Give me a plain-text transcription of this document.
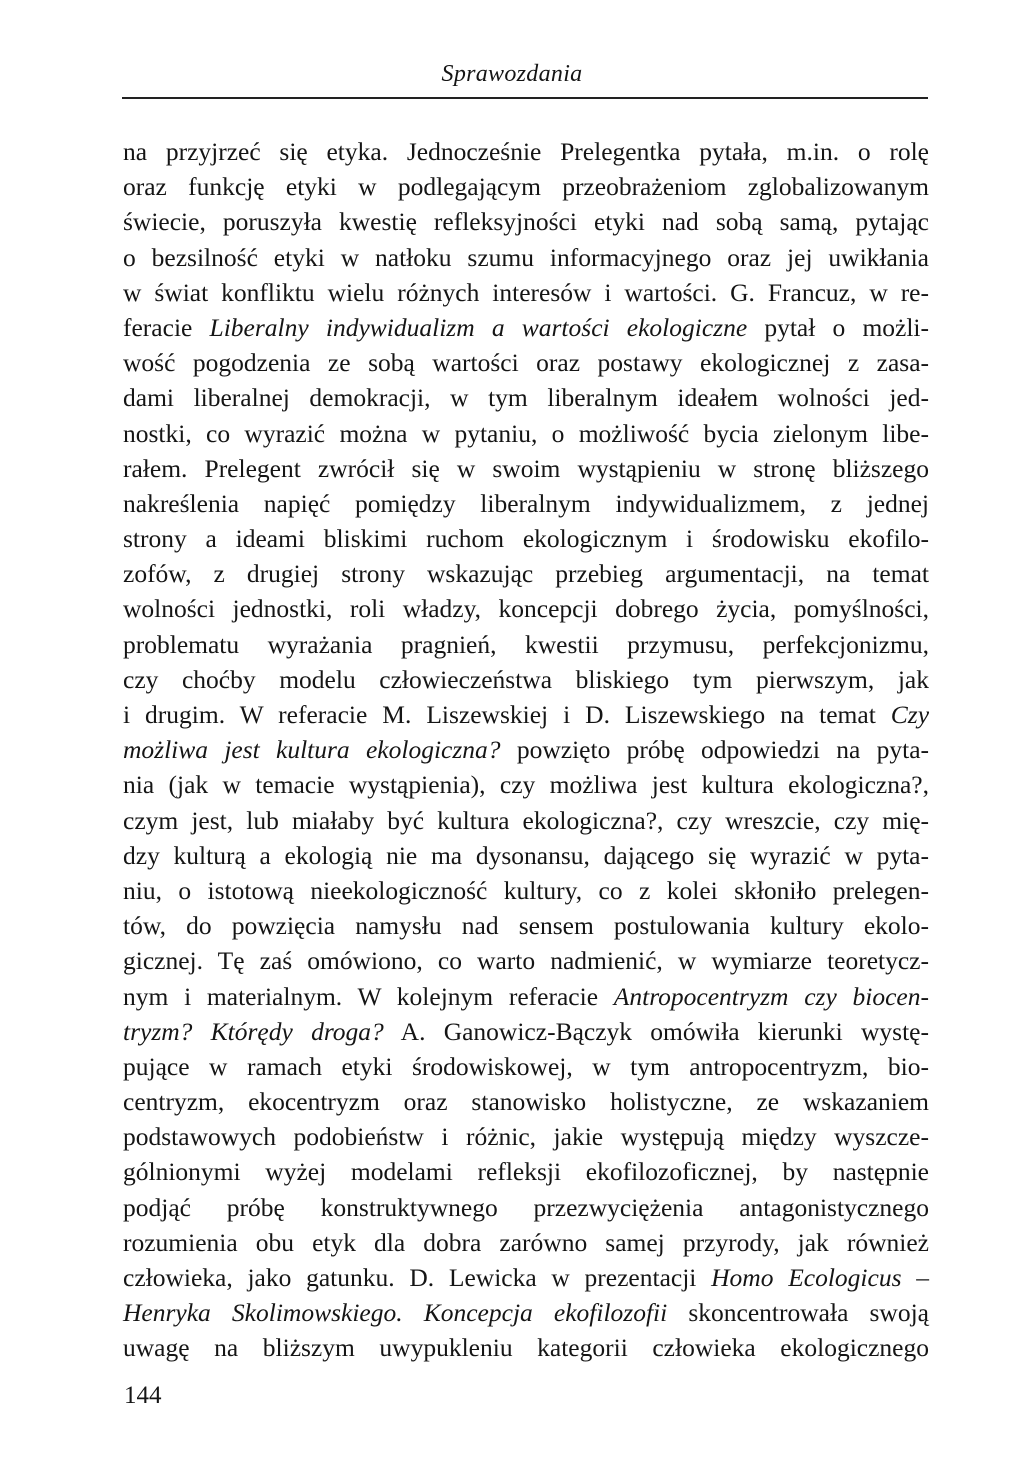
Sprawozdania
na przyjrzeć się etyka. Jednocześnie Prelegentka pytała, m.in. o rolę
oraz funkcję etyki w podlegającym przeobrażeniom zglobalizowanym
świecie, poruszyła kwestię refleksyjności etyki nad sobą samą, pytając
o bezsilność etyki w natłoku szumu informacyjnego oraz jej uwikłania
w świat konfliktu wielu różnych interesów i wartości. G. Francuz, w re-
feracie Liberalny indywidualizm a wartości ekologiczne pytał o możli-
wość pogodzenia ze sobą wartości oraz postawy ekologicznej z zasa-
dami liberalnej demokracji, w tym liberalnym ideałem wolności jed-
nostki, co wyrazić można w pytaniu, o możliwość bycia zielonym libe-
rałem. Prelegent zwrócił się w swoim wystąpieniu w stronę bliższego
nakreślenia napięć pomiędzy liberalnym indywidualizmem, z jednej
strony a ideami bliskimi ruchom ekologicznym i środowisku ekofilo-
zofów, z drugiej strony wskazując przebieg argumentacji, na temat
wolności jednostki, roli władzy, koncepcji dobrego życia, pomyślności,
problematu wyrażania pragnień, kwestii przymusu, perfekcjonizmu,
czy choćby modelu człowieczeństwa bliskiego tym pierwszym, jak
i drugim. W referacie M. Liszewskiej i D. Liszewskiego na temat Czy
możliwa jest kultura ekologiczna? powzięto próbę odpowiedzi na pyta-
nia (jak w temacie wystąpienia), czy możliwa jest kultura ekologiczna?,
czym jest, lub miałaby być kultura ekologiczna?, czy wreszcie, czy mię-
dzy kulturą a ekologią nie ma dysonansu, dającego się wyrazić w pyta-
niu, o istotową nieekologiczność kultury, co z kolei skłoniło prelegen-
tów, do powzięcia namysłu nad sensem postulowania kultury ekolo-
gicznej. Tę zaś omówiono, co warto nadmienić, w wymiarze teoretycz-
nym i materialnym. W kolejnym referacie Antropocentryzm czy biocen-
tryzm? Którędy droga? A. Ganowicz-Bączyk omówiła kierunki wystę-
pujące w ramach etyki środowiskowej, w tym antropocentryzm, bio-
centryzm, ekocentryzm oraz stanowisko holistyczne, ze wskazaniem
podstawowych podobieństw i różnic, jakie występują między wyszcze-
gólnionymi wyżej modelami refleksji ekofilozoficznej, by następnie
podjąć próbę konstruktywnego przezwyciężenia antagonistycznego
rozumienia obu etyk dla dobra zarówno samej przyrody, jak również
człowieka, jako gatunku. D. Lewicka w prezentacji Homo Ecologicus –
Henryka Skolimowskiego. Koncepcja ekofilozofii skoncentrowała swoją
uwagę na bliższym uwypukleniu kategorii człowieka ekologicznego
144
